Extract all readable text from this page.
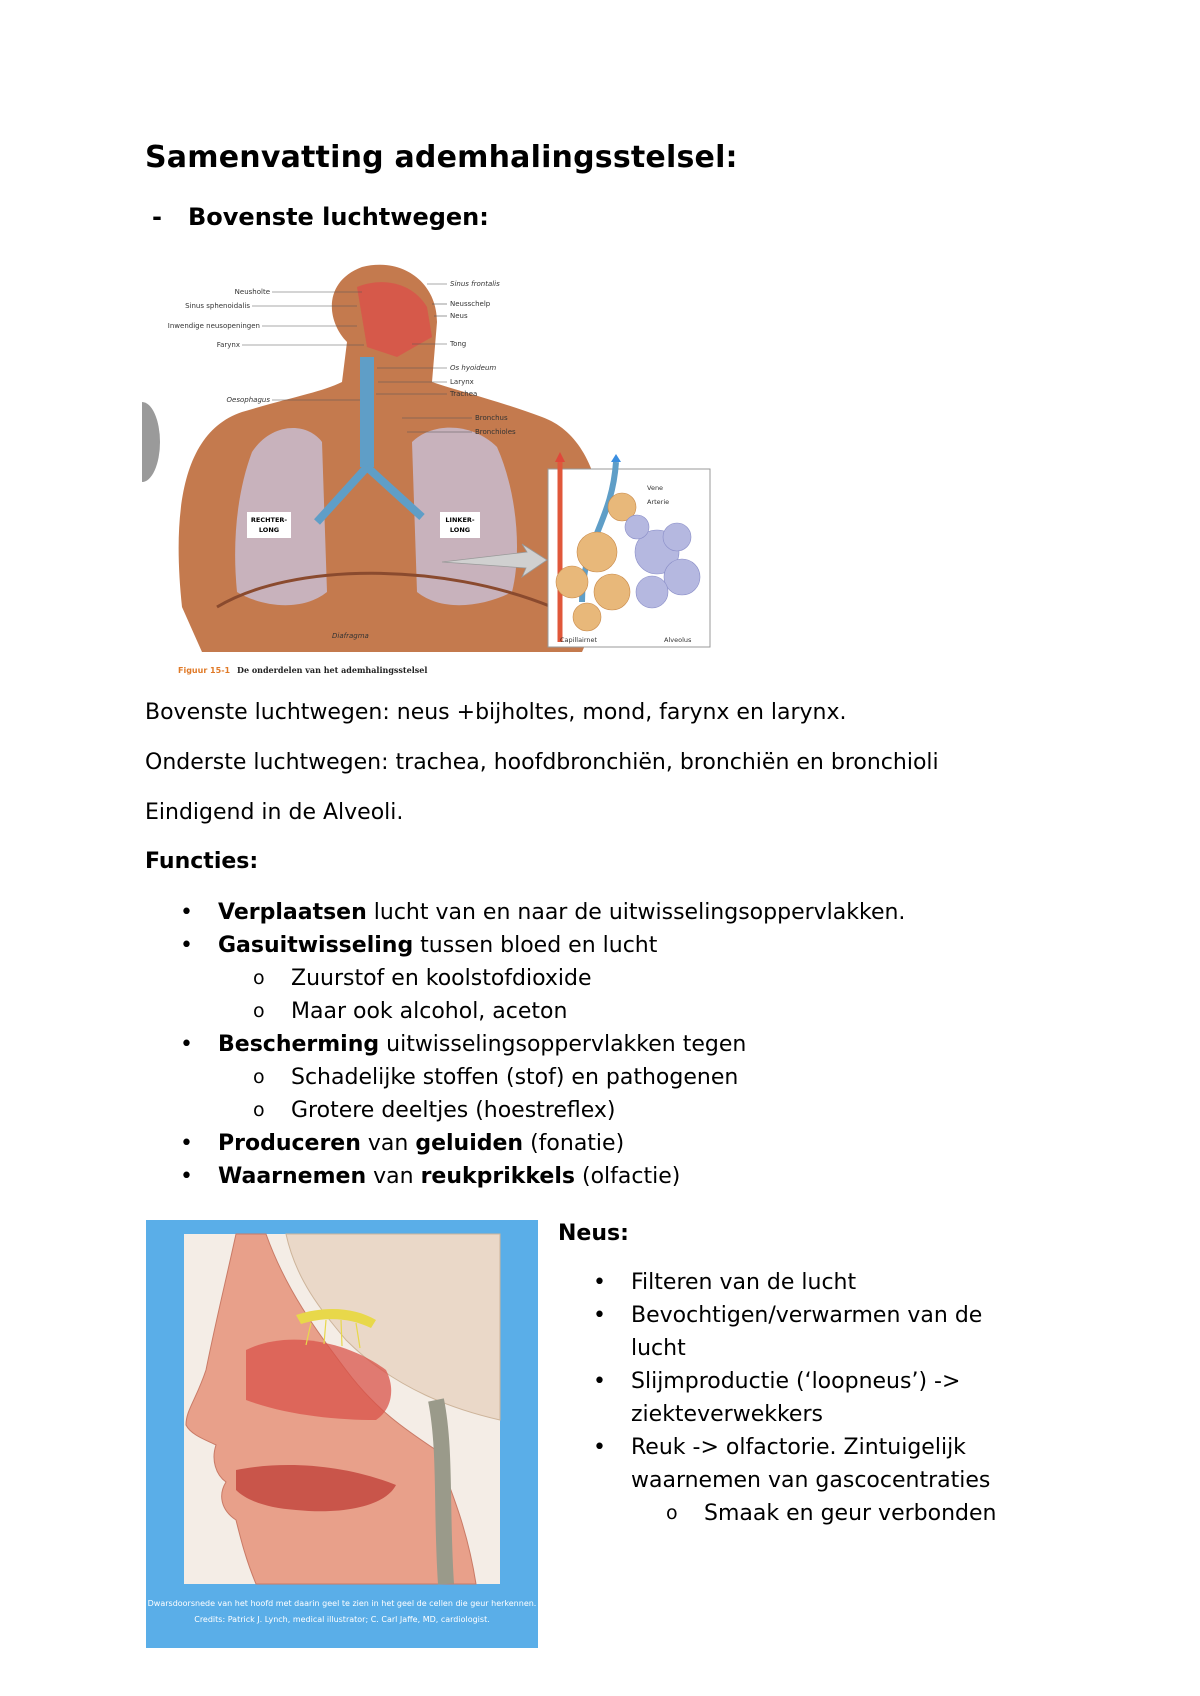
Samenvatting ademhalingsstelsel:
- Bovenste luchtwegen:
RECHTER-
LONG
LINKER-
LONG
Neusholte
Sinus sphenoidalis
Inwendige neusopeningen
Farynx
Oesophagus
Sinus frontalis
Neusschelp
Neus
Tong
Os hyoideum
Larynx
Trachea
Bronchus
Bronchioles
Diafragma
Vene
Arterie
Capillairnet	Alveolus
Figuur 15-1 De onderdelen van het ademhalingsstelsel
Bovenste luchtwegen: neus +bijholtes, mond, farynx en larynx.
Onderste luchtwegen: trachea, hoofdbronchiën, bronchiën en bronchioli
Eindigend in de Alveoli.
Functies:
• Verplaatsen lucht van en naar de uitwisselingsoppervlakken.
• Gasuitwisseling tussen bloed en lucht
o Zuurstof en koolstofdioxide
o Maar ook alcohol, aceton
• Bescherming uitwisselingsoppervlakken tegen
o Schadelijke stoffen (stof) en pathogenen
o Grotere deeltjes (hoestreflex)
• Produceren van geluiden (fonatie)
• Waarnemen van reukprikkels (olfactie)
Dwarsdoorsnede van het hoofd met daarin geel te zien in het geel de cellen die geur herkennen.
Credits: Patrick J. Lynch, medical illustrator; C. Carl Jaffe, MD, cardiologist.
Neus:
• Filteren van de lucht
• Bevochtigen/verwarmen van de
lucht
• Slijmproductie (‘loopneus’) ->
ziekteverwekkers
• Reuk -> olfactorie. Zintuigelijk
waarnemen van gascocentraties
o Smaak en geur verbonden
